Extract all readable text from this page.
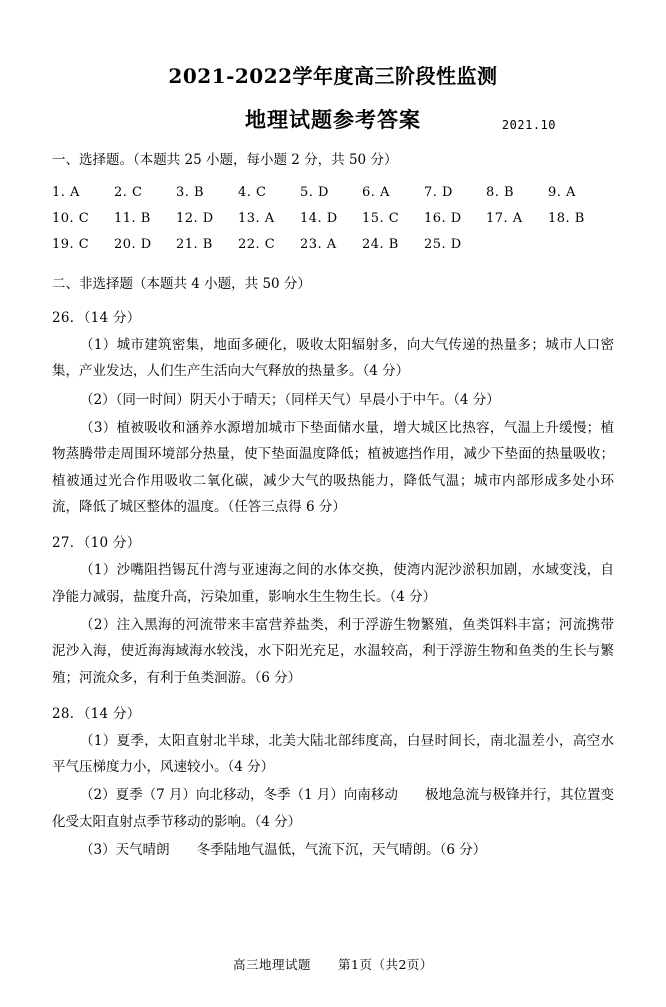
2021-2022学年度高三阶段性监测
地理试题参考答案	2021.10
一、选择题。（本题共 25 小题，每小题 2 分，共 50 分）
1. A	2. C	3. B	4. C	5. D	6. A	7. D	8. B	9. A
10. C	11. B	12. D	13. A	14. D	15. C	16. D	17. A	18. B
19. C	20. D	21. B	22. C	23. A	24. B	25. D
二、非选择题（本题共 4 小题，共 50 分）
26．（14 分）
（1）城市建筑密集，地面多硬化，吸收太阳辐射多，向大气传递的热量多；城市人口密集，产业发达，人们生产生活向大气释放的热量多。（4 分）
（2）（同一时间）阴天小于晴天；（同样天气）早晨小于中午。（4 分）
（3）植被吸收和涵养水源增加城市下垫面储水量，增大城区比热容，气温上升缓慢；植物蒸腾带走周围环境部分热量，使下垫面温度降低；植被遮挡作用，减少下垫面的热量吸收；植被通过光合作用吸收二氧化碳，减少大气的吸热能力，降低气温；城市内部形成多处小环流，降低了城区整体的温度。（任答三点得 6 分）
27．（10 分）
（1）沙嘴阻挡锡瓦什湾与亚速海之间的水体交换，使湾内泥沙淤积加剧，水域变浅，自净能力减弱，盐度升高，污染加重，影响水生生物生长。（4 分）
（2）注入黑海的河流带来丰富营养盐类，利于浮游生物繁殖，鱼类饵料丰富；河流携带泥沙入海，使近海海域海水较浅，水下阳光充足，水温较高，利于浮游生物和鱼类的生长与繁殖；河流众多，有利于鱼类洄游。（6 分）
28．（14 分）
（1）夏季，太阳直射北半球，北美大陆北部纬度高，白昼时间长，南北温差小，高空水平气压梯度力小，风速较小。（4 分）
（2）夏季（7 月）向北移动，冬季（1 月）向南移动　　极地急流与极锋并行，其位置变化受太阳直射点季节移动的影响。（4 分）
（3）天气晴朗　　冬季陆地气温低，气流下沉，天气晴朗。（6 分）
高三地理试题 第1页（共2页）
